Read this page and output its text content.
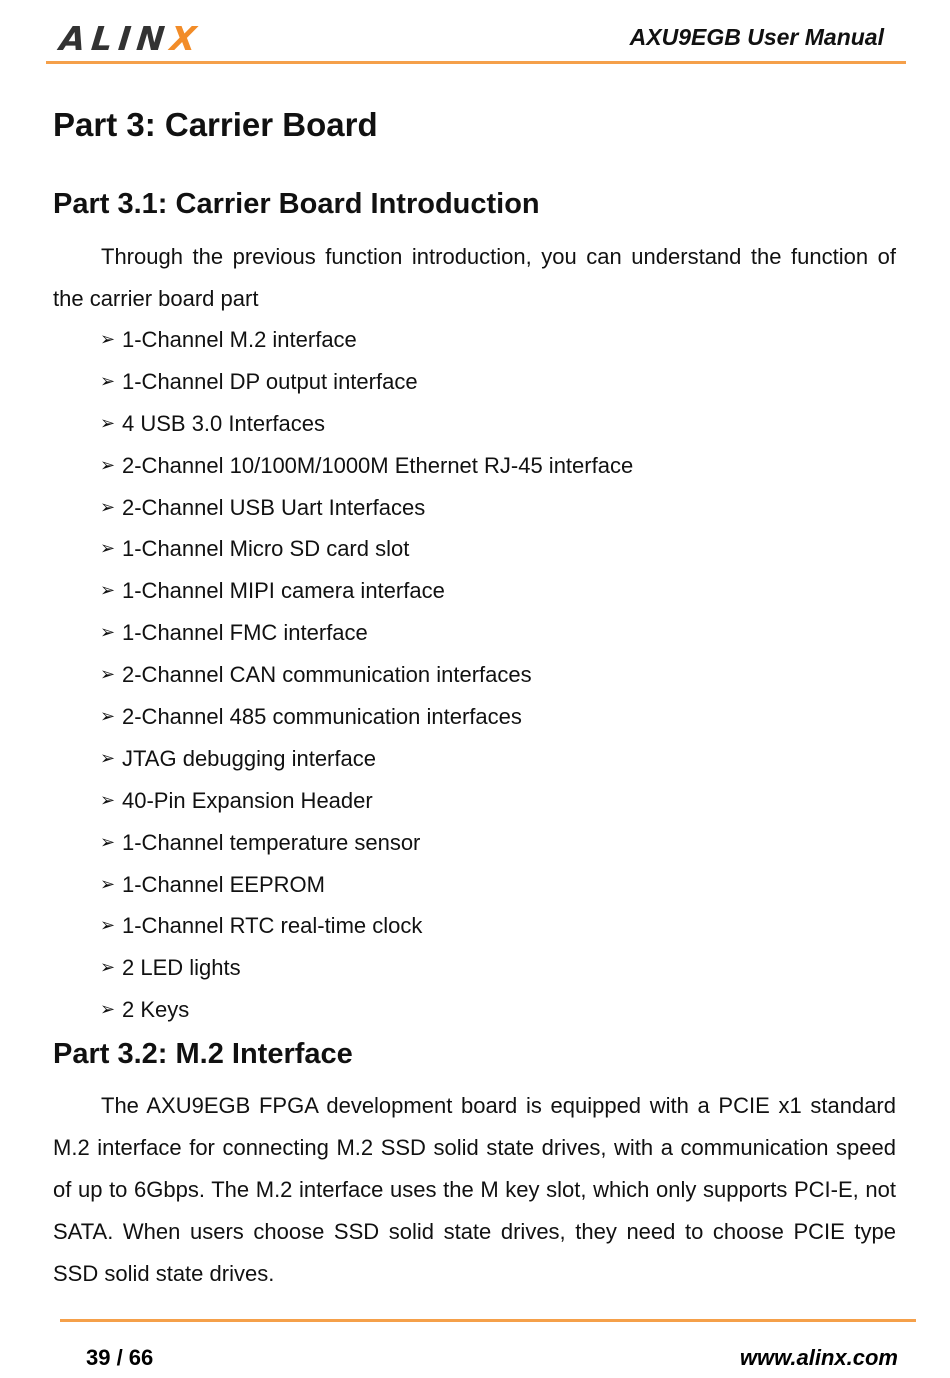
ALINX	AXU9EGB User Manual
Part 3: Carrier Board
Part 3.1: Carrier Board Introduction
Through the previous function introduction, you can understand the function of the carrier board part
➢ 1-Channel M.2 interface
➢ 1-Channel DP output interface
➢ 4 USB 3.0 Interfaces
➢ 2-Channel 10/100M/1000M Ethernet RJ-45 interface
➢ 2-Channel USB Uart Interfaces
➢ 1-Channel Micro SD card slot
➢ 1-Channel MIPI camera interface
➢ 1-Channel FMC interface
➢ 2-Channel CAN communication interfaces
➢ 2-Channel 485 communication interfaces
➢ JTAG debugging interface
➢ 40-Pin Expansion Header
➢ 1-Channel temperature sensor
➢ 1-Channel EEPROM
➢ 1-Channel RTC real-time clock
➢ 2 LED lights
➢ 2 Keys
Part 3.2: M.2 Interface
The AXU9EGB FPGA development board is equipped with a PCIE x1 standard M.2 interface for connecting M.2 SSD solid state drives, with a communication speed of up to 6Gbps. The M.2 interface uses the M key slot, which only supports PCI-E, not SATA. When users choose SSD solid state drives, they need to choose PCIE type SSD solid state drives.
39 / 66	www.alinx.com
